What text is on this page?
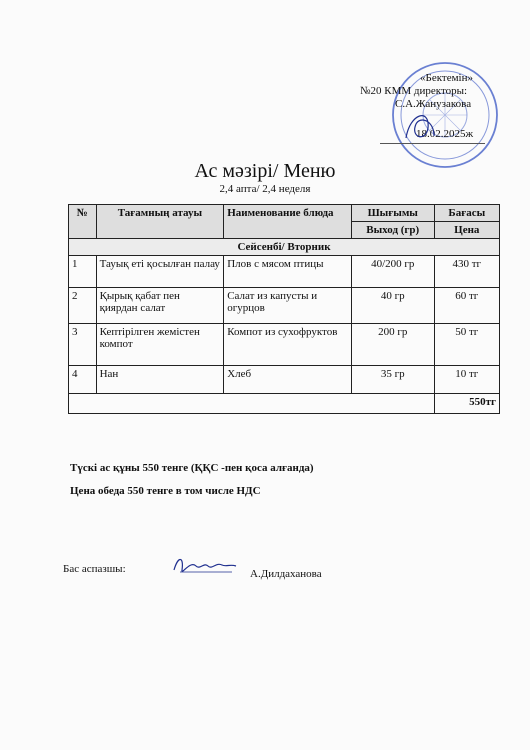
«Бектемін»
№20 КММ директоры:
С.А.Жанузакова
18.02.2025ж
Ас мәзірі/ Меню
2,4 апта/ 2,4 неделя
№	Тағамның атауы	Наименование блюда	Шығымы	Бағасы
			Выход (гр)	Цена
Сейсенбі/ Вторник				
1	Тауық еті қосылған палау	Плов с мясом птицы	40/200 гр	430 тг
2	Қырық қабат пен қиярдан салат	Салат из капусты и огурцов	40 гр	60 тг
3	Кептірілген жемістен компот	Компот из сухофруктов	200 гр	50 тг
4	Нан	Хлеб	35 гр	10 тг
				550тг
Түскі ас құны 550 тенге (ҚҚС -пен қоса алғанда)
Цена обеда 550 тенге в том числе НДС
Бас аспазшы:	А.Дилдаханова
